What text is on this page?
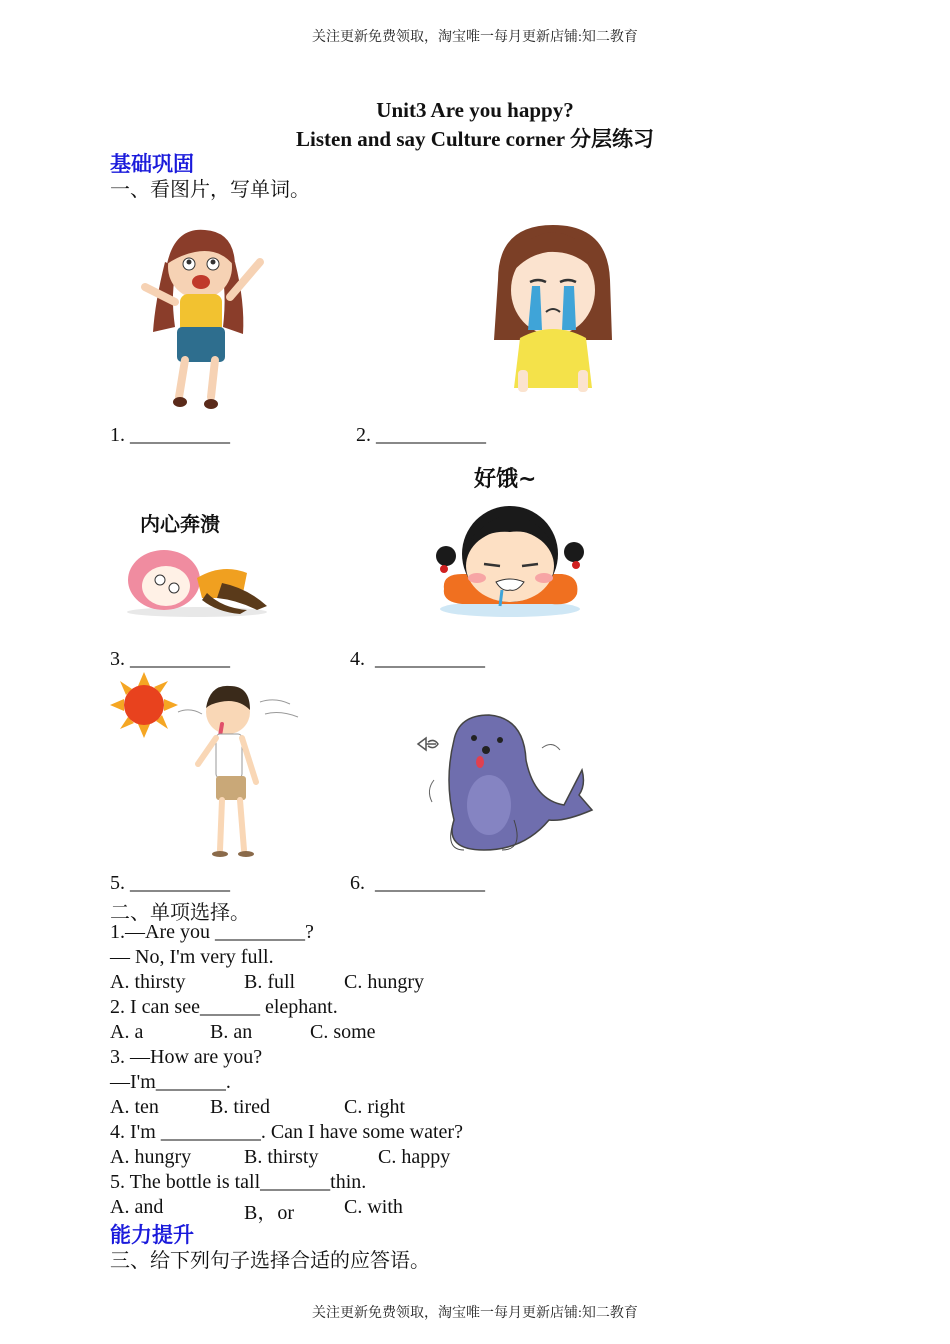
关注更新免费领取，淘宝唯一每月更新店铺:知二教育
关注更新免费领取，淘宝唯一每月更新店铺:知二教育
Unit3 Are you happy?
Listen and say Culture corner 分层练习
基础巩固
一、看图片，写单词。
1. __________	2. ___________
内心奔溃
3. __________
好饿~
4.  ___________
5. __________	6.  ___________
二、单项选择。
1.—Are you _________?
— No, I'm very full.
A. thirsty	B. full C. hungry
2. I can see______ elephant.
A. a	B. an	C. some
3. —How are you?
—I'm_______.
A. ten	B. tired	C. right
4. I'm __________. Can I have some water?
A. hungry	B. thirsty	C. happy
5. The bottle is tall_______thin.
A. and	B，or	C. with
能力提升
三、给下列句子选择合适的应答语。
